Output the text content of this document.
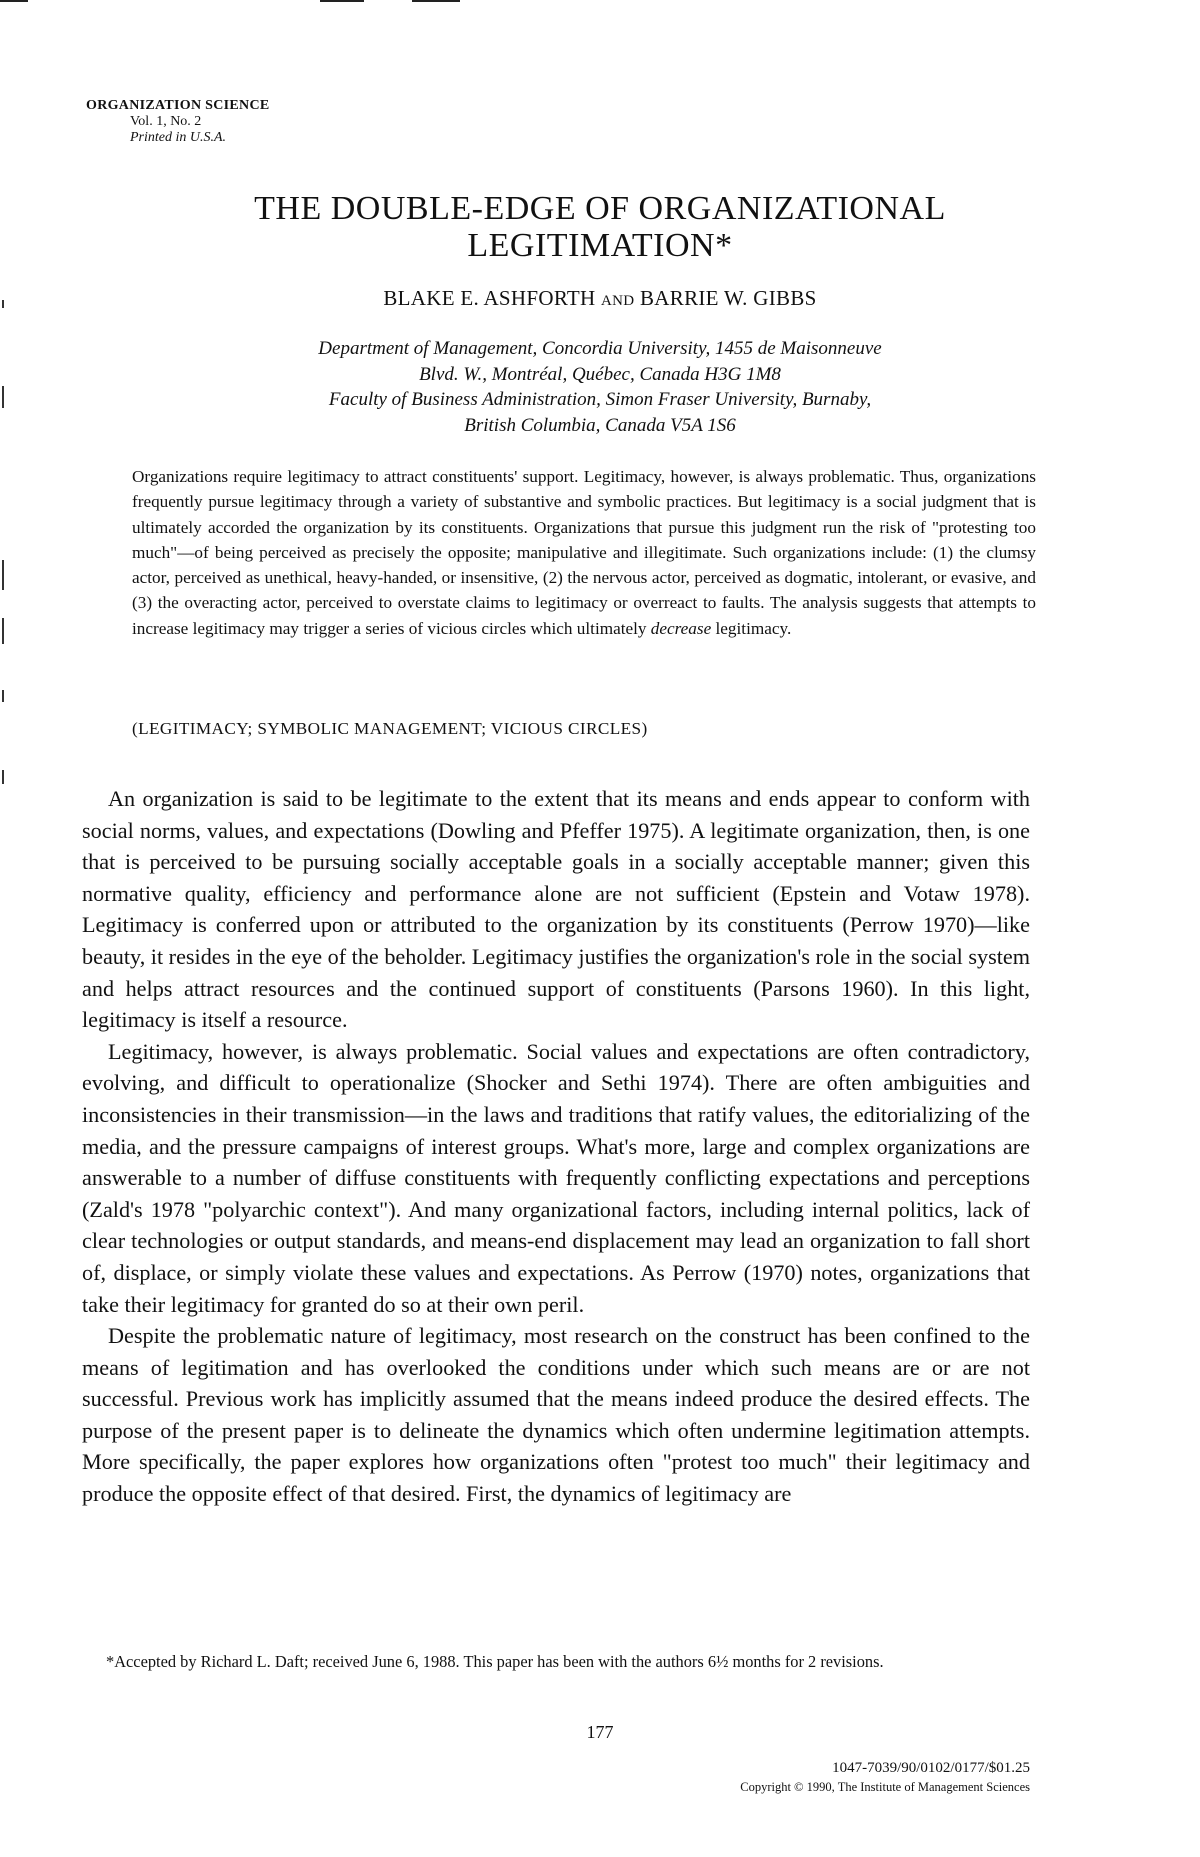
ORGANIZATION SCIENCE
Vol. 1, No. 2
Printed in U.S.A.
THE DOUBLE-EDGE OF ORGANIZATIONAL
LEGITIMATION*
BLAKE E. ASHFORTH AND BARRIE W. GIBBS
Department of Management, Concordia University, 1455 de Maisonneuve
Blvd. W., Montréal, Québec, Canada H3G 1M8
Faculty of Business Administration, Simon Fraser University, Burnaby,
British Columbia, Canada V5A 1S6

Organizations require legitimacy to attract constituents' support. Legitimacy, however, is always problematic. Thus, organizations frequently pursue legitimacy through a variety of substantive and symbolic practices. But legitimacy is a social judgment that is ultimately accorded the organization by its constituents. Organizations that pursue this judgment run the risk of "protesting too much"—of being perceived as precisely the opposite; manipulative and illegitimate. Such organizations include: (1) the clumsy actor, perceived as unethical, heavy-handed, or insensitive, (2) the nervous actor, perceived as dogmatic, intolerant, or evasive, and (3) the overacting actor, perceived to overstate claims to legitimacy or overreact to faults. The analysis suggests that attempts to increase legitimacy may trigger a series of vicious circles which ultimately decrease legitimacy.

(LEGITIMACY; SYMBOLIC MANAGEMENT; VICIOUS CIRCLES)

An organization is said to be legitimate to the extent that its means and ends appear to conform with social norms, values, and expectations (Dowling and Pfeffer 1975). A legitimate organization, then, is one that is perceived to be pursuing socially acceptable goals in a socially acceptable manner; given this normative quality, efficiency and performance alone are not sufficient (Epstein and Votaw 1978). Legitimacy is conferred upon or attributed to the organization by its constituents (Perrow 1970)—like beauty, it resides in the eye of the beholder. Legitimacy justifies the organization's role in the social system and helps attract resources and the continued support of constituents (Parsons 1960). In this light, legitimacy is itself a resource.

Legitimacy, however, is always problematic. Social values and expectations are often contradictory, evolving, and difficult to operationalize (Shocker and Sethi 1974). There are often ambiguities and inconsistencies in their transmission—in the laws and traditions that ratify values, the editorializing of the media, and the pressure campaigns of interest groups. What's more, large and complex organizations are answerable to a number of diffuse constituents with frequently conflicting expectations and perceptions (Zald's 1978 "polyarchic context"). And many organizational factors, including internal politics, lack of clear technologies or output standards, and means-end displacement may lead an organization to fall short of, displace, or simply violate these values and expectations. As Perrow (1970) notes, organizations that take their legitimacy for granted do so at their own peril.

Despite the problematic nature of legitimacy, most research on the construct has been confined to the means of legitimation and has overlooked the conditions under which such means are or are not successful. Previous work has implicitly assumed that the means indeed produce the desired effects. The purpose of the present paper is to delineate the dynamics which often undermine legitimation attempts. More specifically, the paper explores how organizations often "protest too much" their legitimacy and produce the opposite effect of that desired. First, the dynamics of legitimacy are

*Accepted by Richard L. Daft; received June 6, 1988. This paper has been with the authors 6½ months for 2 revisions.
177
1047-7039/90/0102/0177/$01.25
Copyright © 1990, The Institute of Management Sciences
